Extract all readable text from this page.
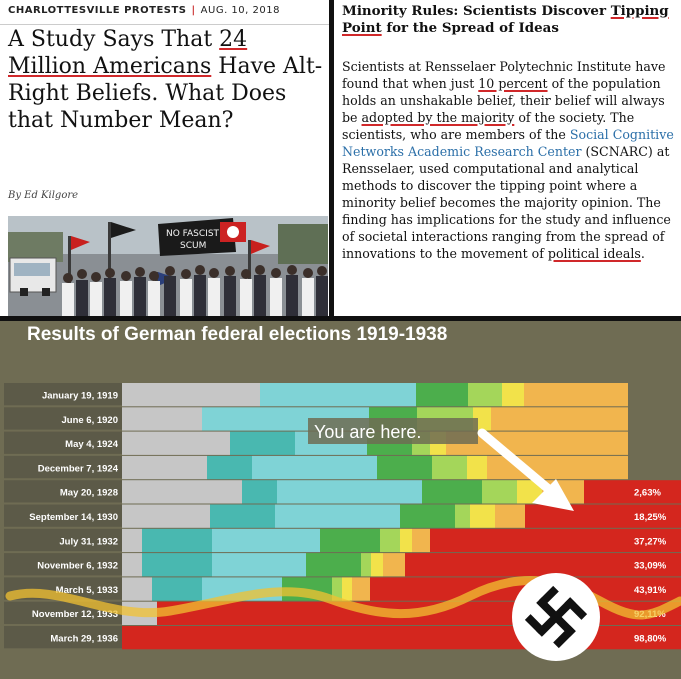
CHARLOTTESVILLE PROTESTS | AUG. 10, 2018
A Study Says That 24 Million Americans Have Alt-Right Beliefs. What Does that Number Mean?
By Ed Kilgore
NO FASCIST
SCUM
Minority Rules: Scientists Discover Tipping Point for the Spread of Ideas
Scientists at Rensselaer Polytechnic Institute have found that when just 10 percent of the population holds an unshakable belief, their belief will always be adopted by the majority of the society. The scientists, who are members of the Social Cognitive Networks Academic Research Center (SCNARC) at Rensselaer, used computational and analytical methods to discover the tipping point where a minority belief becomes the majority opinion. The finding has implications for the study and influence of societal interactions ranging from the spread of innovations to the movement of political ideals.
Results of German federal elections 1919-1938
January 19, 1919
June 6, 1920
May 4, 1924
December 7, 1924
May 20, 1928	2,63%
September 14, 1930	18,25%
July 31, 1932	37,27%
November 6, 1932	33,09%
March 5, 1933	43,91%
November 12, 1933	92,11%
March 29, 1936	98,80%
You are here.
